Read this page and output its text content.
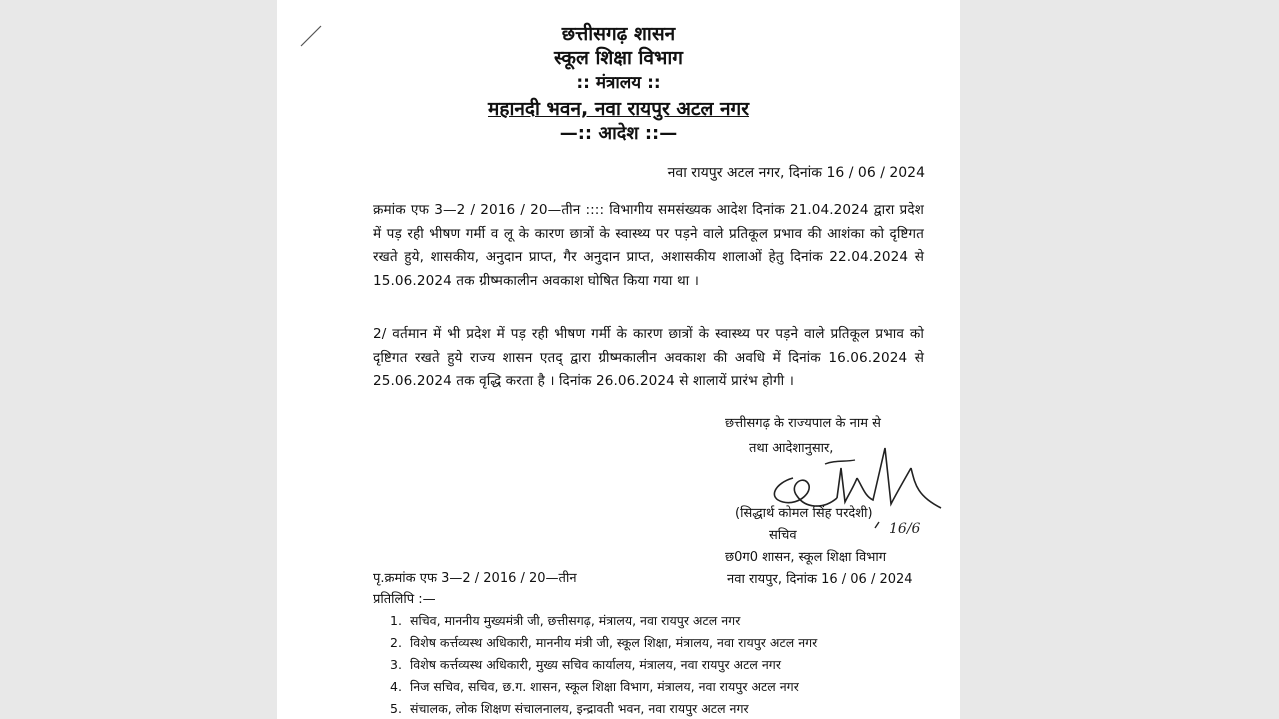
छत्तीसगढ़ शासन
स्कूल शिक्षा विभाग
:: मंत्रालय ::
महानदी भवन, नवा रायपुर अटल नगर
—:: आदेश ::—
नवा रायपुर अटल नगर, दिनांक 16 / 06 / 2024
क्रमांक एफ 3—2 / 2016 / 20—तीन :::: विभागीय समसंख्यक आदेश दिनांक 21.04.2024 द्वारा प्रदेश में पड़ रही भीषण गर्मी व लू के कारण छात्रों के स्वास्थ्य पर पड़ने वाले प्रतिकूल प्रभाव की आशंका को दृष्टिगत रखते हुये, शासकीय, अनुदान प्राप्त, गैर अनुदान प्राप्त, अशासकीय शालाओं हेतु दिनांक 22.04.2024 से 15.06.2024 तक ग्रीष्मकालीन अवकाश घोषित किया गया था ।
2/ वर्तमान में भी प्रदेश में पड़ रही भीषण गर्मी के कारण छात्रों के स्वास्थ्य पर पड़ने वाले प्रतिकूल प्रभाव को दृष्टिगत रखते हुये राज्य शासन एतद् द्वारा ग्रीष्मकालीन अवकाश की अवधि में दिनांक 16.06.2024 से 25.06.2024 तक वृद्धि करता है । दिनांक 26.06.2024 से शालायें प्रारंभ होगी ।
छत्तीसगढ़ के राज्यपाल के नाम से
तथा आदेशानुसार,
(सिद्धार्थ कोमल सिंह परदेशी)
सचिव
छ0ग0 शासन, स्कूल शिक्षा विभाग
नवा रायपुर, दिनांक 16 / 06 / 2024
16/6
पृ.क्रमांक एफ 3—2 / 2016 / 20—तीन
प्रतिलिपि :—
1. सचिव, माननीय मुख्यमंत्री जी, छत्तीसगढ़, मंत्रालय, नवा रायपुर अटल नगर
2. विशेष कर्त्तव्यस्थ अधिकारी, माननीय मंत्री जी, स्कूल शिक्षा, मंत्रालय, नवा रायपुर अटल नगर
3. विशेष कर्त्तव्यस्थ अधिकारी, मुख्य सचिव कार्यालय, मंत्रालय, नवा रायपुर अटल नगर
4. निज सचिव, सचिव, छ.ग. शासन, स्कूल शिक्षा विभाग, मंत्रालय, नवा रायपुर अटल नगर
5. संचालक, लोक शिक्षण संचालनालय, इन्द्रावती भवन, नवा रायपुर अटल नगर
